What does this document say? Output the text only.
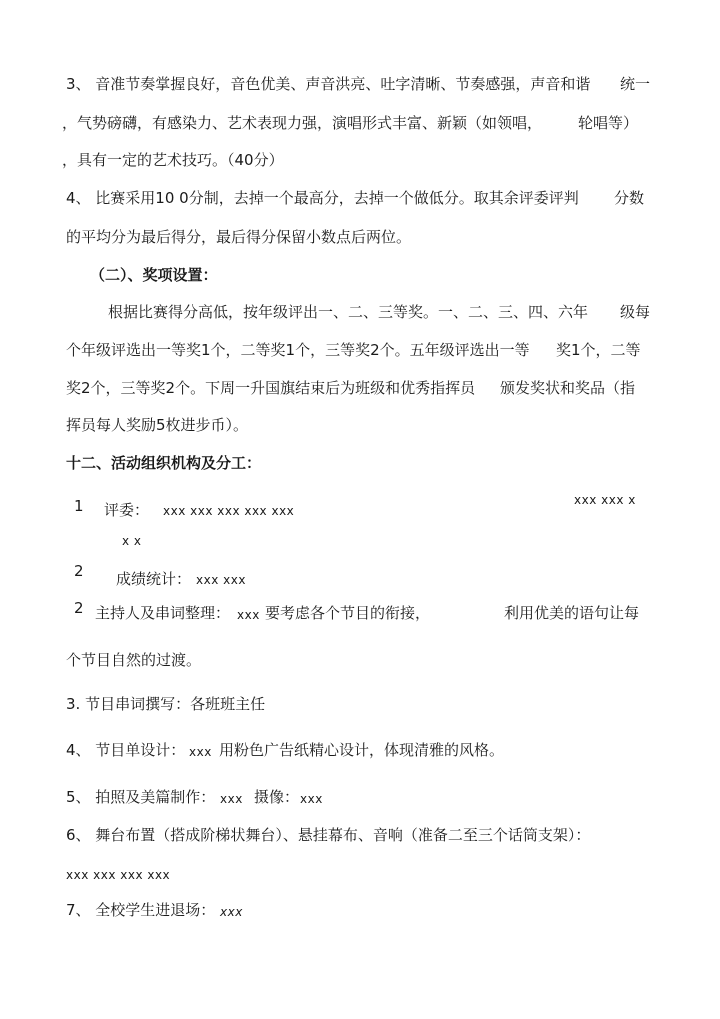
3、 音准节奏掌握良好，音色优美、声音洪亮、吐字清晰、节奏感强，声音和谐 统一
，气势磅礴，有感染力、艺术表现力强，演唱形式丰富、新颖（如领唱， 轮唱等）
，具有一定的艺术技巧。（40分）
4、 比赛采用10 0分制，去掉一个最高分，去掉一个做低分。取其余评委评判 分数
的平均分为最后得分，最后得分保留小数点后两位。
（二）、奖项设置：
根据比赛得分高低，按年级评出一、二、三等奖。一、二、三、四、六年 级每
个年级评选出一等奖1个，二等奖1个，三等奖2个。五年级评选出一等 奖1个，二等
奖2个，三等奖2个。下周一升国旗结束后为班级和优秀指挥员 颁发奖状和奖品（指
挥员每人奖励5枚进步币）。
十二、活动组织机构及分工：
1 评委： xxx xxx xxx xxx xxx
xxx xxx x
x x
2 成绩统计： xxx xxx
2 主持人及串词整理： xxx 要考虑各个节目的衔接，	利用优美的语句让每
个节目自然的过渡。
3. 节目串词撰写：各班班主任
4、 节目单设计： xxx 用粉色广告纸精心设计，体现清雅的风格。
5、 拍照及美篇制作： xxx 摄像： xxx
6、 舞台布置（搭成阶梯状舞台）、悬挂幕布、音响（准备二至三个话筒支架）：
xxx xxx xxx xxx
7、 全校学生进退场： xxx
